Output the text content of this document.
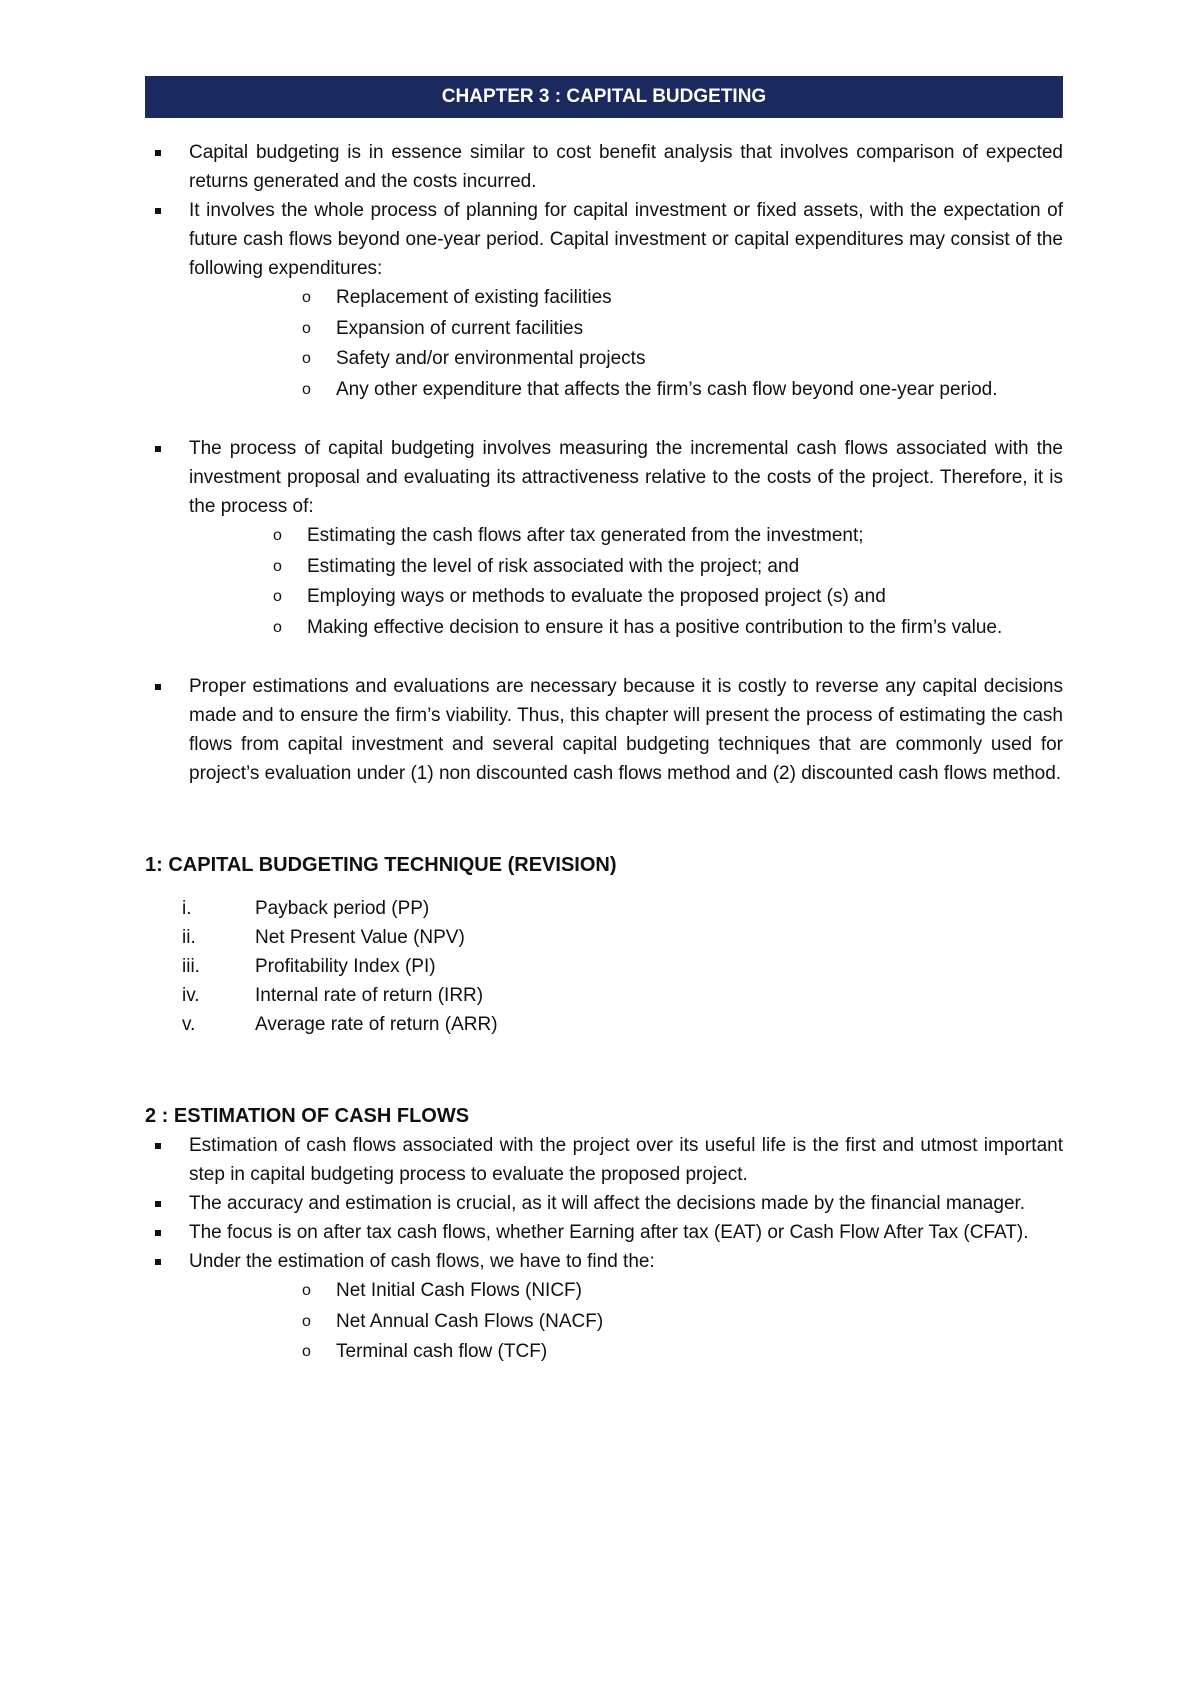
CHAPTER 3 : CAPITAL BUDGETING
Capital budgeting is in essence similar to cost benefit analysis that involves comparison of expected returns generated and the costs incurred.
It involves the whole process of planning for capital investment or fixed assets, with the expectation of future cash flows beyond one-year period. Capital investment or capital expenditures may consist of the following expenditures:
o Replacement of existing facilities
o Expansion of current facilities
o Safety and/or environmental projects
o Any other expenditure that affects the firm’s cash flow beyond one-year period.
The process of capital budgeting involves measuring the incremental cash flows associated with the investment proposal and evaluating its attractiveness relative to the costs of the project. Therefore, it is the process of:
o Estimating the cash flows after tax generated from the investment;
o Estimating the level of risk associated with the project; and
o Employing ways or methods to evaluate the proposed project (s) and
o Making effective decision to ensure it has a positive contribution to the firm’s value.
Proper estimations and evaluations are necessary because it is costly to reverse any capital decisions made and to ensure the firm’s viability. Thus, this chapter will present the process of estimating the cash flows from capital investment and several capital budgeting techniques that are commonly used for project’s evaluation under (1) non discounted cash flows method and (2) discounted cash flows method.
1: CAPITAL BUDGETING TECHNIQUE (REVISION)
i.	Payback period (PP)
ii.	Net Present Value (NPV)
iii.	Profitability Index (PI)
iv.	Internal rate of return (IRR)
v.	Average rate of return (ARR)
2 : ESTIMATION OF CASH FLOWS
Estimation of cash flows associated with the project over its useful life is the first and utmost important step in capital budgeting process to evaluate the proposed project.
The accuracy and estimation is crucial, as it will affect the decisions made by the financial manager.
The focus is on after tax cash flows, whether Earning after tax (EAT) or Cash Flow After Tax (CFAT).
Under the estimation of cash flows, we have to find the:
o Net Initial Cash Flows (NICF)
o Net Annual Cash Flows (NACF)
o Terminal cash flow (TCF)
